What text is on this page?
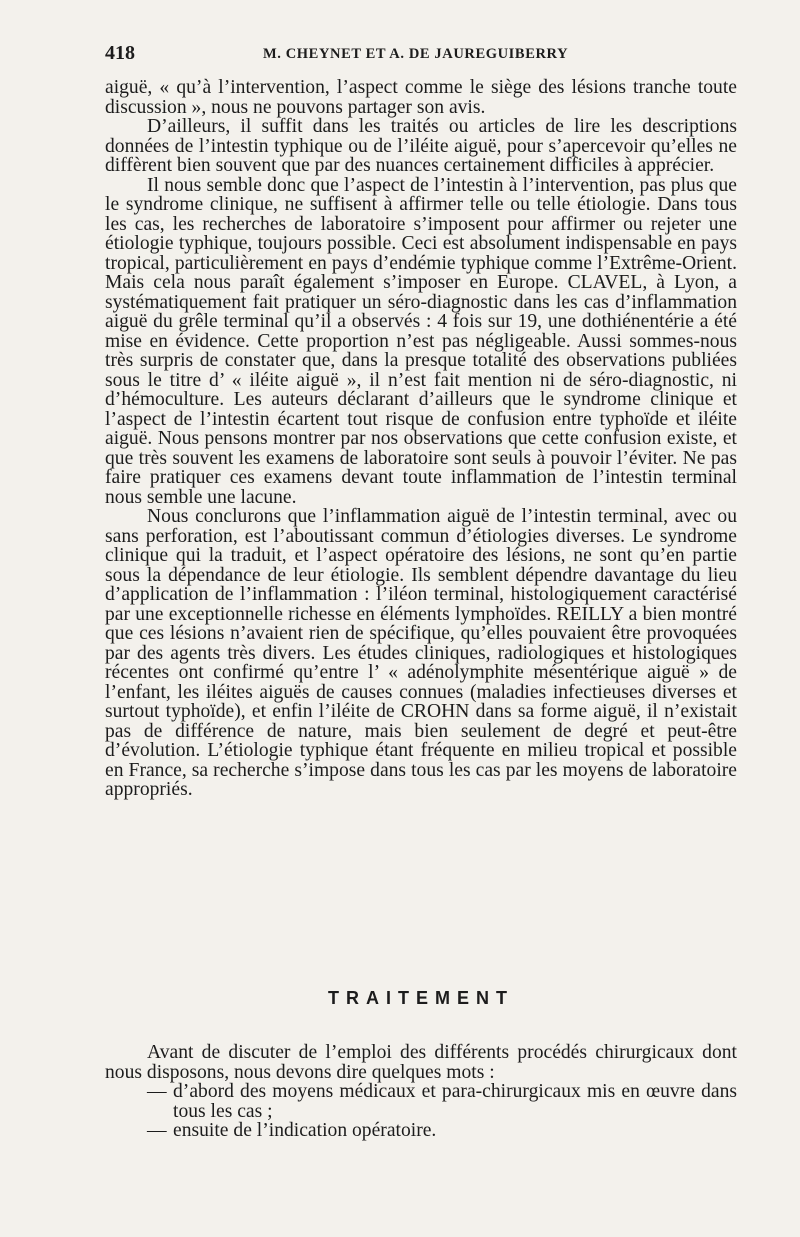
418	M. CHEYNET ET A. DE JAUREGUIBERRY

aiguë, « qu’à l’intervention, l’aspect comme le siège des lésions tranche toute discussion », nous ne pouvons partager son avis.

D’ailleurs, il suffit dans les traités ou articles de lire les descriptions données de l’intestin typhique ou de l’iléite aiguë, pour s’apercevoir qu’elles ne diffèrent bien souvent que par des nuances certainement difficiles à apprécier.

Il nous semble donc que l’aspect de l’intestin à l’intervention, pas plus que le syndrome clinique, ne suffisent à affirmer telle ou telle étiologie. Dans tous les cas, les recherches de laboratoire s’imposent pour affirmer ou rejeter une étiologie typhique, toujours possible. Ceci est absolument indispensable en pays tropical, particulièrement en pays d’endémie typhique comme l’Extrême-Orient. Mais cela nous paraît également s’imposer en Europe. CLAVEL, à Lyon, a systématiquement fait pratiquer un séro-diagnostic dans les cas d’inflammation aiguë du grêle terminal qu’il a observés : 4 fois sur 19, une dothiénentérie a été mise en évidence. Cette proportion n’est pas négligeable. Aussi sommes-nous très surpris de constater que, dans la presque totalité des observations publiées sous le titre d’ « iléite aiguë », il n’est fait mention ni de séro-diagnostic, ni d’hémoculture. Les auteurs déclarant d’ailleurs que le syndrome clinique et l’aspect de l’intestin écartent tout risque de confusion entre typhoïde et iléite aiguë. Nous pensons montrer par nos observations que cette confusion existe, et que très souvent les examens de laboratoire sont seuls à pouvoir l’éviter. Ne pas faire pratiquer ces examens devant toute inflammation de l’intestin terminal nous semble une lacune.

Nous conclurons que l’inflammation aiguë de l’intestin terminal, avec ou sans perforation, est l’aboutissant commun d’étiologies diverses. Le syndrome clinique qui la traduit, et l’aspect opératoire des lésions, ne sont qu’en partie sous la dépendance de leur étiologie. Ils semblent dépendre davantage du lieu d’application de l’inflammation : l’iléon terminal, histologiquement caractérisé par une exceptionnelle richesse en éléments lymphoïdes. REILLY a bien montré que ces lésions n’avaient rien de spécifique, qu’elles pouvaient être provoquées par des agents très divers. Les études cliniques, radiologiques et histologiques récentes ont confirmé qu’entre l’ « adénolymphite mésentérique aiguë » de l’enfant, les iléites aiguës de causes connues (maladies infectieuses diverses et surtout typhoïde), et enfin l’iléite de CROHN dans sa forme aiguë, il n’existait pas de différence de nature, mais bien seulement de degré et peut-être d’évolution. L’étiologie typhique étant fréquente en milieu tropical et possible en France, sa recherche s’impose dans tous les cas par les moyens de laboratoire appropriés.

TRAITEMENT

Avant de discuter de l’emploi des différents procédés chirurgicaux dont nous disposons, nous devons dire quelques mots :

— d’abord des moyens médicaux et para-chirurgicaux mis en œuvre dans tous les cas ;
— ensuite de l’indication opératoire.
